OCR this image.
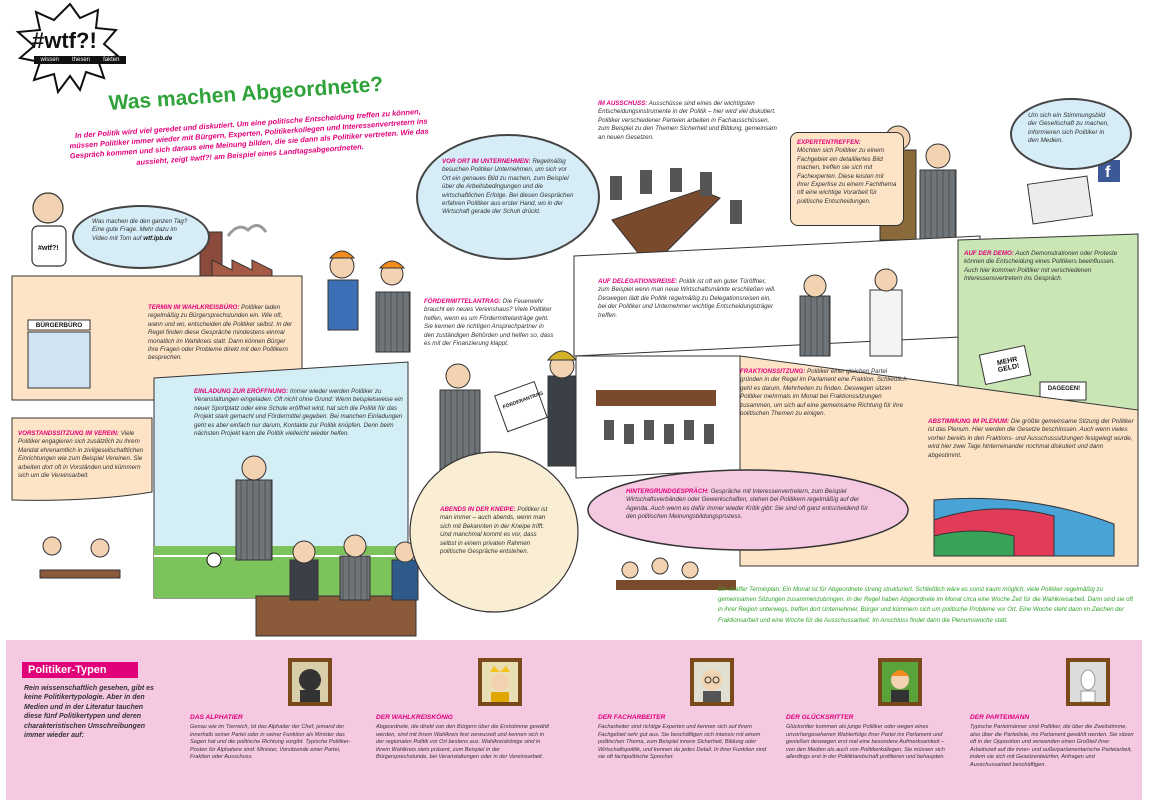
#wtf?!
f
#wtf?!
wissen thesen fakten
Was machen Abgeordnete?
In der Politik wird viel geredet und diskutiert. Um eine politische Entscheidung treffen zu können, müssen Politiker immer wieder mit Bürgern, Experten, Politikerkollegen und Interessenvertretern ins Gespräch kommen und sich daraus eine Meinung bilden, die sie dann als Politiker vertreten. Wie das aussieht, zeigt #wtf?! am Beispiel eines Landtagsabgeordneten.
Was machen die den ganzen Tag? Eine gute Frage. Mehr dazu im Video mit Tom auf wtf.lpb.de
VOR ORT IM UNTERNEHMEN: Regelmäßig besuchen Politiker Unternehmen, um sich vor Ort ein genaues Bild zu machen, zum Beispiel über die Arbeitsbedingungen und die wirtschaftlichen Erfolge. Bei diesen Gesprächen erfahren Politiker aus erster Hand, wo in der Wirtschaft gerade der Schuh drückt.
Um sich ein Stimmungsbild der Gesellschaft zu machen, informieren sich Politiker in den Medien.
IM AUSSCHUSS: Ausschüsse sind eines der wichtigsten Entscheidungsinstrumente in der Politik – hier wird viel diskutiert. Politiker verschiedener Parteien arbeiten in Fachausschüssen, zum Beispiel zu den Themen Sicherheit und Bildung, gemeinsam an neuen Gesetzen.
EXPERTENTREFFEN:
Möchten sich Politiker zu einem Fachgebiet ein detailliertes Bild machen, treffen sie sich mit Fachexperten. Diese leisten mit ihrer Expertise zu einem Fachthema oft eine wichtige Vorarbeit für politische Entscheidungen.
TERMIN IM WAHLKREISBÜRO: Politiker laden regelmäßig zu Bürgersprechstunden ein. Wie oft, wann und wo, entscheiden die Politiker selbst. In der Regel finden diese Gespräche mindestens einmal monatlich im Wahlkreis statt. Dann können Bürger ihre Fragen oder Probleme direkt mit den Politikern besprechen.
BÜRGERBÜRO
FÖRDERMITTELANTRAG: Die Feuerwehr braucht ein neues Vereinshaus? Viele Politiker helfen, wenn es um Fördermittelanträge geht. Sie kennen die richtigen Ansprechpartner in den zuständigen Behörden und helfen so, dass es mit der Finanzierung klappt.
FÖRDERANTRAG
AUF DELEGATIONSREISE: Politik ist oft ein guter Türöffner, zum Beispiel wenn man neue Wirtschaftsmärkte erschließen will. Deswegen lädt die Politik regelmäßig zu Delegationsreisen ein, bei der Politiker und Unternehmer wichtige Entscheidungsträger treffen.
AUF DER DEMO: Auch Demonstrationen oder Proteste können die Entscheidung eines Politikers beeinflussen. Auch hier kommen Politiker mit verschiedenen Interessensvertretern ins Gespräch.
MEHR GELD!
DAGEGEN!
EINLADUNG ZUR ERÖFFNUNG: Immer wieder werden Politiker zu Veranstaltungen eingeladen. Oft nicht ohne Grund: Wenn beispielsweise ein neuer Sportplatz oder eine Schule eröffnet wird, hat sich die Politik für das Projekt stark gemacht und Fördermittel gegeben. Bei manchen Einladungen geht es aber einfach nur darum, Kontakte zur Politik knüpfen. Denn beim nächsten Projekt kann die Politik vielleicht wieder helfen.
VORSTANDSSITZUNG IM VEREIN: Viele Politiker engagieren sich zusätzlich zu ihrem Mandat ehrenamtlich in zivilgesellschaftlichen Einrichtungen wie zum Beispiel Vereinen. Sie arbeiten dort oft in Vorständen und kümmern sich um die Vereinsarbeit.
FRAKTIONSSITZUNG: Politiker einer gleichen Partei gründen in der Regel im Parlament eine Fraktion. Schließlich geht es darum, Mehrheiten zu finden. Deswegen sitzen Politiker mehrmals im Monat bei Fraktionssitzungen zusammen, um sich auf eine gemeinsame Richtung für ihre politischen Themen zu einigen.
ABSTIMMUNG IM PLENUM: Die größte gemeinsame Sitzung der Politiker ist das Plenum. Hier werden die Gesetze beschlossen. Auch wenn vieles vorher bereits in den Fraktions- und Ausschusssitzungen festgelegt wurde, wird hier zwei Tage hinterreinander nochmal diskutiert und dann abgestimmt.
HINTERGRUNDGESPRÄCH: Gespräche mit Interessenvertretern, zum Beispiel Wirtschaftsverbänden oder Gewerkschaften, stehen bei Politikern regelmäßig auf der Agenda. Auch wenn es dafür immer wieder Kritik gibt: Sie sind oft ganz entscheidend für den politischen Meinungsbildungsprozess.
ABENDS IN DER KNEIPE: Politiker ist man immer – auch abends, wenn man sich mit Bekannten in der Kneipe trifft. Und manchmal kommt es vor, dass selbst in einem privaten Rahmen politische Gespräche entstehen.
Ein straffer Terminplan: Ein Monat ist für Abgeordnete streng strukturiert. Schließlich wäre es sonst kaum möglich, viele Politiker regelmäßig zu gemeinsamen Sitzungen zusammenzubringen. In der Regel haben Abgeordnete im Monat circa eine Woche Zeit für die Wahlkreisarbeit. Dann sind sie oft in ihrer Region unterwegs, treffen dort Unternehmer, Bürger und kümmern sich um politische Probleme vor Ort. Eine Woche steht dann im Zeichen der Fraktionsarbeit und eine Woche für die Ausschussarbeit. Im Anschluss findet dann die Plenumswoche statt.
Politiker-Typen
Rein wissenschaftlich gesehen, gibt es keine Politikertypologie. Aber in den Medien und in der Literatur tauchen diese fünf Politikertypen und deren charakteristischen Umschreibungen immer wieder auf:
DAS ALPHATIER
Genau wie im Tierreich, ist das Alphatier der Chef, jemand der innerhalb seiner Partei oder in seiner Funktion als Minister das Sagen hat und die politische Richtung vorgibt. Typische Politiker-Posten für Alphatiere sind: Minister, Vorsitzende einer Partei, Fraktion oder Ausschuss.
DER WAHLKREISKÖNIG
Abgeordnete, die direkt von den Bürgern über die Erststimme gewählt werden, sind mit ihrem Wahlkreis fest verwurzelt und kennen sich in der regionalen Politik vor Ort bestens aus. Wahlkreiskönige sind in ihrem Wahlkreis stets präsent, zum Beispiel in der Bürgersprechstunde, bei Veranstaltungen oder in der Vereinsarbeit.
DER FACHARBEITER
Facharbeiter sind richtige Experten und kennen sich auf ihrem Fachgebiet sehr gut aus. Sie beschäftigen sich intensiv mit einem politischen Thema, zum Beispiel innere Sicherheit, Bildung oder Wirtschaftspolitik, und kennen da jedes Detail. In ihrer Funktion sind sie oft fachpolitische Sprecher.
DER GLÜCKSRITTER
Glücksritter kommen als junge Politiker oder wegen eines unvorhergesehenen Wahlerfolgs ihrer Partei ins Parlament und genießen deswegen erst mal eine besondere Aufmerksamkeit – von den Medien als auch von Politikerkollegen. Sie müssen sich allerdings erst in der Politiklandschaft profilieren und behaupten.
DER PARTEIMANN
Typische Parteimänner sind Politiker, die über die Zweitstimme, also über die Parteiliste, ins Parlament gewählt werden. Sie sitzen oft in der Opposition und verwenden einen Großteil ihrer Arbeitszeit auf die inner- und außerparlamentarische Parteiarbeit, indem sie sich mit Gesetzentwürfen, Anfragen und Ausschussarbeit beschäftigen.
